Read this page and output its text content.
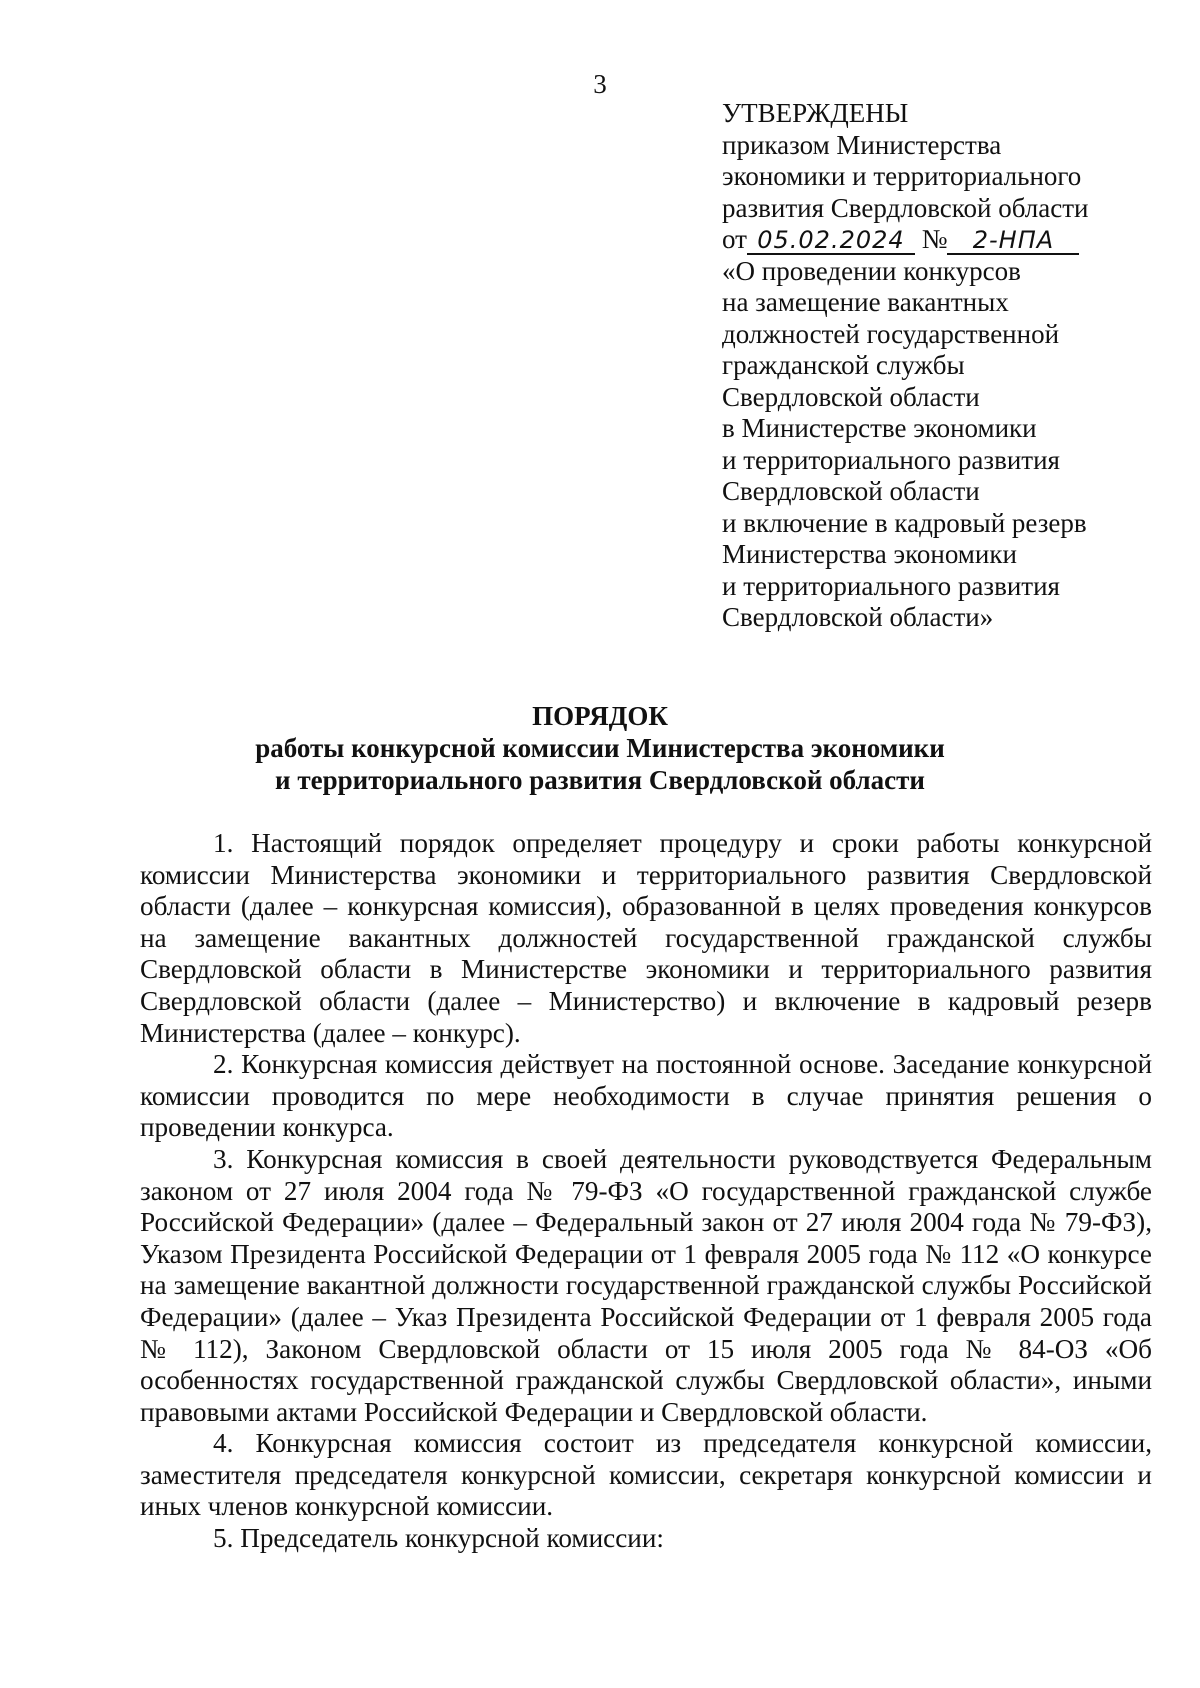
3
УТВЕРЖДЕНЫ
приказом Министерства
экономики и территориального
развития Свердловской области
от 05.02.2024 № 2-НПА
«О проведении конкурсов
на замещение вакантных
должностей государственной
гражданской службы
Свердловской области
в Министерстве экономики
и территориального развития
Свердловской области
и включение в кадровый резерв
Министерства экономики
и территориального развития
Свердловской области»
ПОРЯДОК
работы конкурсной комиссии Министерства экономики
и территориального развития Свердловской области

1. Настоящий порядок определяет процедуру и сроки работы конкурсной комиссии Министерства экономики и территориального развития Свердловской области (далее – конкурсная комиссия), образованной в целях проведения конкурсов на замещение вакантных должностей государственной гражданской службы Свердловской области в Министерстве экономики и территориального развития Свердловской области (далее – Министерство) и включение в кадровый резерв Министерства (далее – конкурс).

2. Конкурсная комиссия действует на постоянной основе. Заседание конкурсной комиссии проводится по мере необходимости в случае принятия решения о проведении конкурса.

3. Конкурсная комиссия в своей деятельности руководствуется Федеральным законом от 27 июля 2004 года № 79-ФЗ «О государственной гражданской службе Российской Федерации» (далее – Федеральный закон от 27 июля 2004 года № 79-ФЗ), Указом Президента Российской Федерации от 1 февраля 2005 года № 112 «О конкурсе на замещение вакантной должности государственной гражданской службы Российской Федерации» (далее – Указ Президента Российской Федерации от 1 февраля 2005 года № 112), Законом Свердловской области от 15 июля 2005 года № 84-ОЗ «Об особенностях государственной гражданской службы Свердловской области», иными правовыми актами Российской Федерации и Свердловской области.

4. Конкурсная комиссия состоит из председателя конкурсной комиссии, заместителя председателя конкурсной комиссии, секретаря конкурсной комиссии и иных членов конкурсной комиссии.

5. Председатель конкурсной комиссии:
